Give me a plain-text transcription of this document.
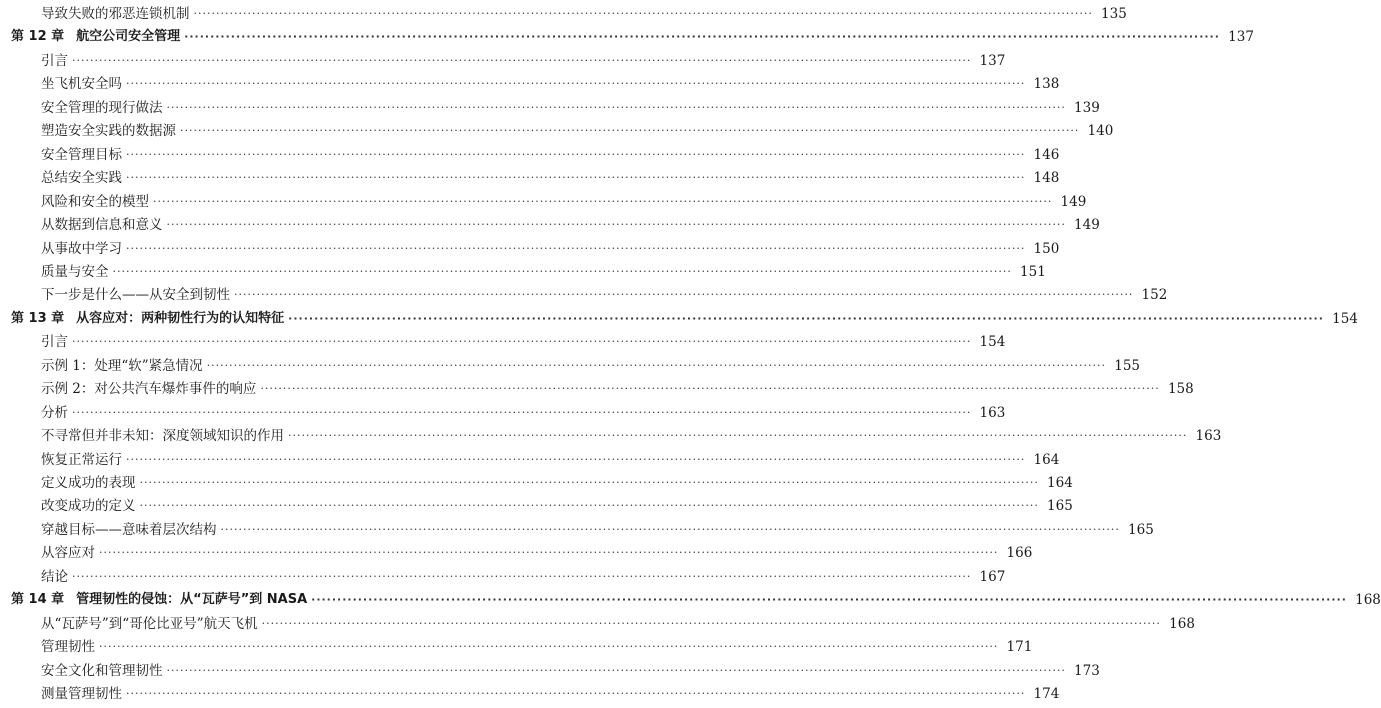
导致失败的邪恶连锁机制 ········································································································································································································ 135
第 12 章 航空公司安全管理 ········································································································································································································ 137
引言 ········································································································································································································ 137
坐飞机安全吗 ········································································································································································································ 138
安全管理的现行做法 ········································································································································································································ 139
塑造安全实践的数据源 ········································································································································································································ 140
安全管理目标 ········································································································································································································ 146
总结安全实践 ········································································································································································································ 148
风险和安全的模型 ········································································································································································································ 149
从数据到信息和意义 ········································································································································································································ 149
从事故中学习 ········································································································································································································ 150
质量与安全 ········································································································································································································ 151
下一步是什么——从安全到韧性 ········································································································································································································ 152
第 13 章 从容应对：两种韧性行为的认知特征 ········································································································································································································ 154
引言 ········································································································································································································ 154
示例 1：处理“软”紧急情况 ········································································································································································································ 155
示例 2：对公共汽车爆炸事件的响应 ········································································································································································································ 158
分析 ········································································································································································································ 163
不寻常但并非未知：深度领域知识的作用 ········································································································································································································ 163
恢复正常运行 ········································································································································································································ 164
定义成功的表现 ········································································································································································································ 164
改变成功的定义 ········································································································································································································ 165
穿越目标——意味着层次结构 ········································································································································································································ 165
从容应对 ········································································································································································································ 166
结论 ········································································································································································································ 167
第 14 章 管理韧性的侵蚀：从“瓦萨号”到 NASA ········································································································································································································ 168
从“瓦萨号”到“哥伦比亚号”航天飞机 ········································································································································································································ 168
管理韧性 ········································································································································································································ 171
安全文化和管理韧性 ········································································································································································································ 173
测量管理韧性 ········································································································································································································ 174
